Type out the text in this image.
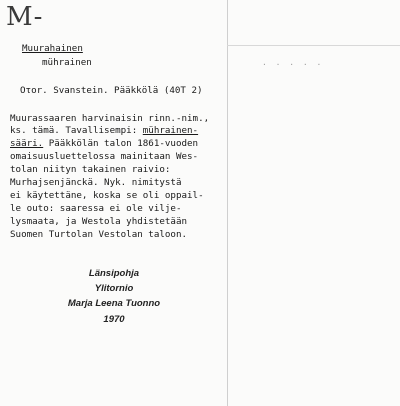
· · · · ·
M-
Muurahainen
mührainen
Oτor. Svanstein. Pääkkölä (40T 2)
Muurassaaren harvinaisin rinn.-nim.,
ks. tämä. Tavallisempi: mührainen-
sääri. Pääkkölän talon 1861-vuoden
omaisuusluettelossa mainitaan Wes-
tolan niityn takainen raivio:
Murhajsenjänckä. Nyk. nimitystä
ei käytettäne, koska se oli oppail-
le outo: saaressa ei ole vilje-
lysmaata, ja Westola yhdistetään
Suomen Turtolan Vestolan taloon.
Länsipohja
Ylitornio
Marja Leena Tuonno
1970
